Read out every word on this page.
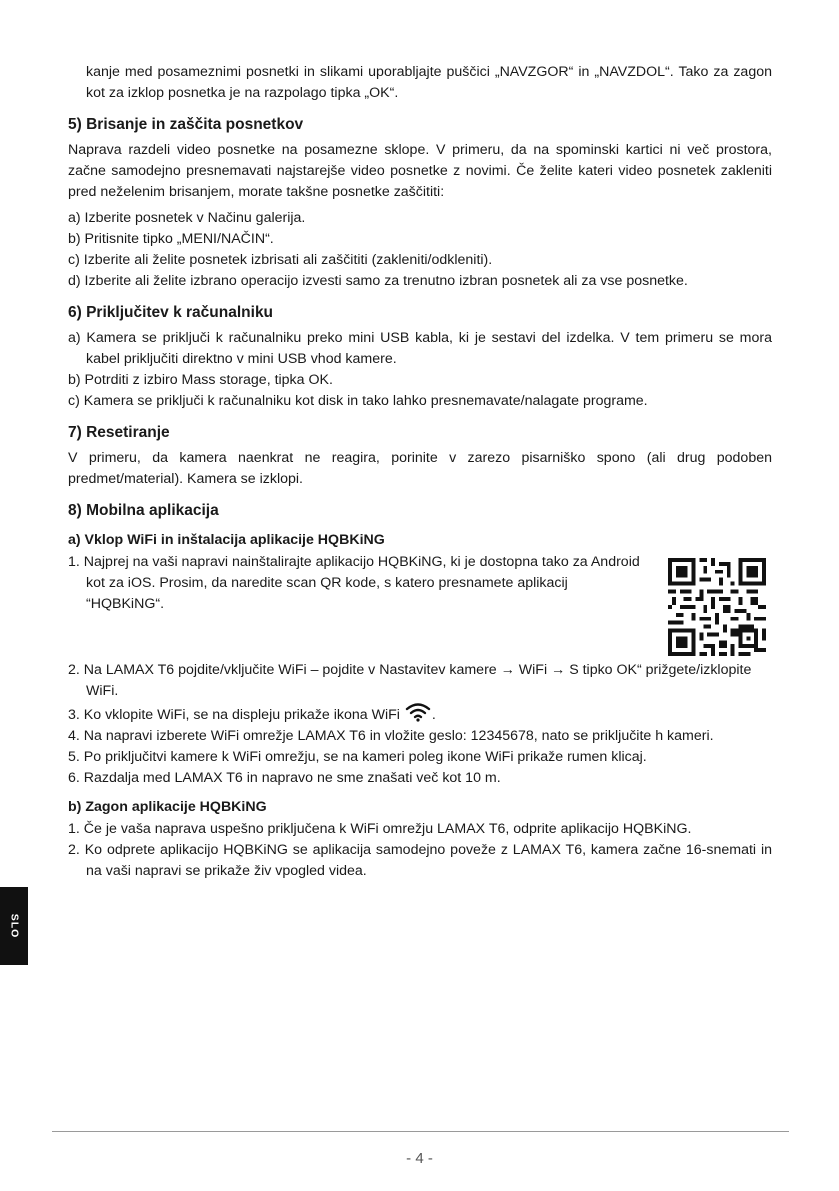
kanje med posameznimi posnetki in slikami uporabljajte puščici „NAVZGOR“ in „NAVZDOL“. Tako za zagon kot za izklop posnetka je na razpolago tipka „OK“.

5) Brisanje in zaščita posnetkov

Naprava razdeli video posnetke na posamezne sklope. V primeru, da na spominski kartici ni več prostora, začne samodejno presnemavati najstarejše video posnetke z novimi. Če želite kateri video posnetek zakleniti pred neželenim brisanjem, morate takšne posnetke zaščititi:

a) Izberite posnetek v Načinu galerija.

b) Pritisnite tipko „MENI/NAČIN“.

c) Izberite ali želite posnetek izbrisati ali zaščititi (zakleniti/odkleniti).

d) Izberite ali želite izbrano operacijo izvesti samo za trenutno izbran posnetek ali za vse posnetke.

6) Priključitev k računalniku

a) Kamera se priključi k računalniku preko mini USB kabla, ki je sestavi del izdelka. V tem primeru se mora kabel priključiti direktno v mini USB vhod kamere.

b) Potrditi z izbiro Mass storage, tipka OK.

c) Kamera se priključi k računalniku kot disk in tako lahko presnemavate/nalagate programe.

7) Resetiranje

V primeru, da kamera naenkrat ne reagira, porinite v zarezo pisarniško spono (ali drug podoben predmet/material). Kamera se izklopi.

8) Mobilna aplikacija
a) Vklop WiFi in inštalacija aplikacije HQBKiNG

1. Najprej na vaši napravi nainštalirajte aplikacijo HQBKiNG, ki je dostopna tako za Android kot za iOS. Prosim, da naredite scan QR kode, s katero presnamete aplikacij “HQBKiNG“.

2. Na LAMAX T6 pojdite/vključite WiFi – pojdite v Nastavitev kamere → WiFi → S tipko OK“ prižgete/izklopite WiFi.

3. Ko vklopite WiFi, se na displeju prikaže ikona WiFi .

4. Na napravi izberete WiFi omrežje LAMAX T6 in vložite geslo: 12345678, nato se priključite h kameri.

5. Po priključitvi kamere k WiFi omrežju, se na kameri poleg ikone WiFi prikaže rumen klicaj.

6. Razdalja med LAMAX T6 in napravo ne sme znašati več kot 10 m.

b) Zagon aplikacije HQBKiNG

1. Če je vaša naprava uspešno priključena k WiFi omrežju LAMAX T6, odprite aplikacijo HQBKiNG.

2. Ko odprete aplikacijo HQBKiNG se aplikacija samodejno poveže z LAMAX T6, kamera začne 16-snemati in na vaši napravi se prikaže živ vpogled videa.

SLO
- 4 -
